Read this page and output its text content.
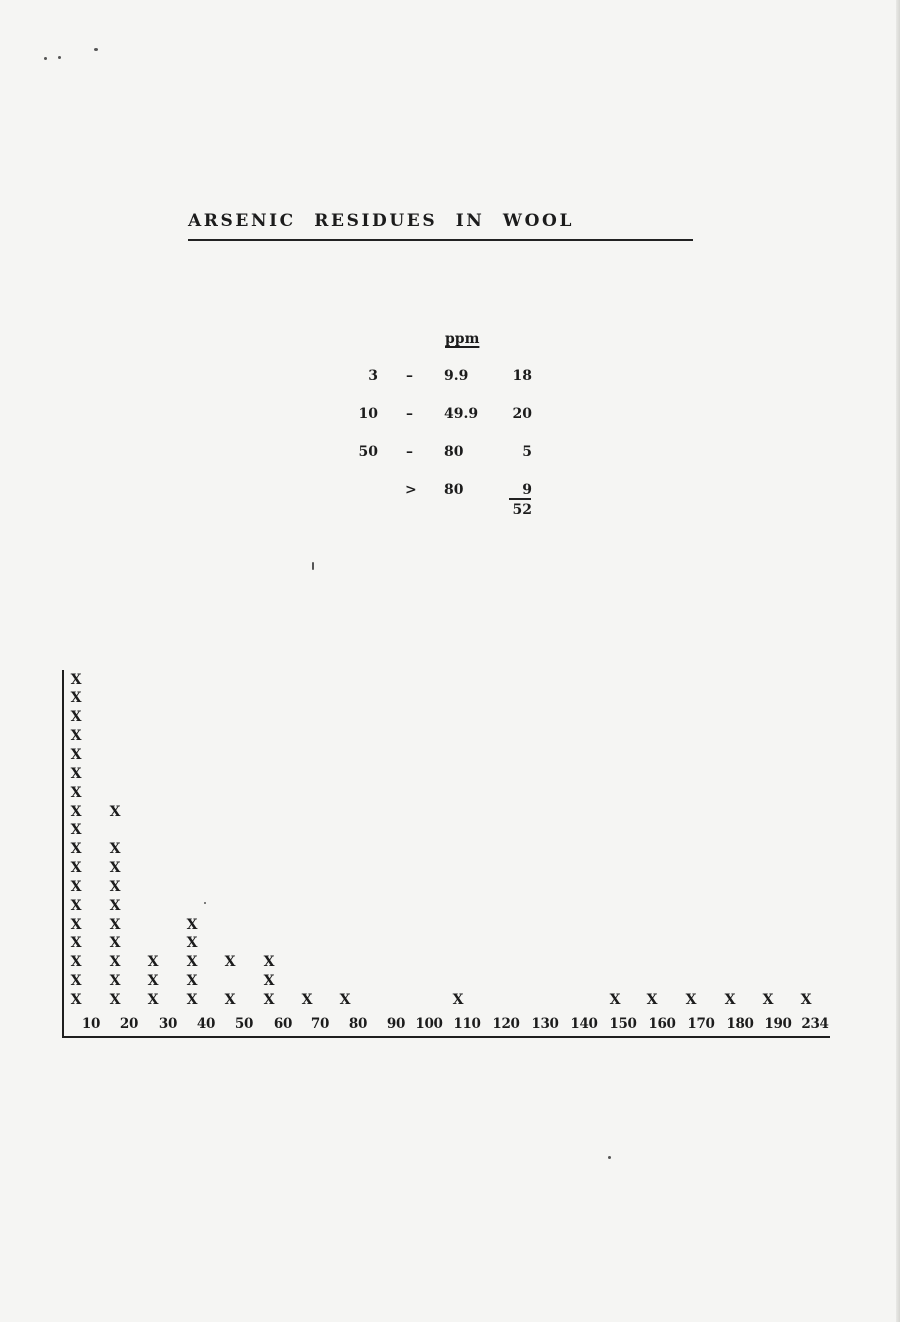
ARSENIC RESIDUES IN WOOL
ppm
3 – 9.9	18
10 – 49.9	20
50 – 80	5
> 80	9
52
X
X
X
X
X
X
X
X
X
X
X
X
X
X
X
X
X
X
X
X
X
X
X
X
X
X
X
X
X
X
X
X
X
X
X
X
X
X
X
X
X
X X	X	X X X X X X
10	20	30	40	50	60	70	80	90 100 110 120 130 140 150 160 170 180 190 234
